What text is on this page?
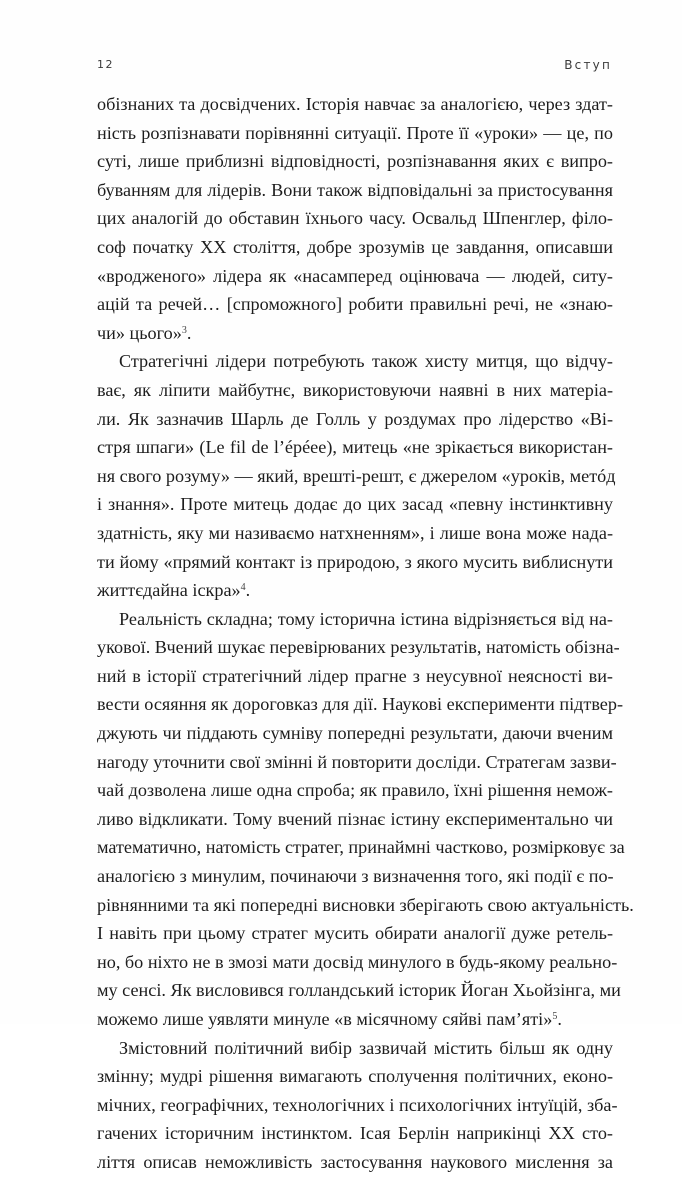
12	Вступ
обізнаних та досвідчених. Історія навчає за аналогією, через здат-
ність розпізнавати порівнянні ситуації. Проте її «уроки» — це, по
суті, лише приблизні відповідності, розпізнавання яких є випро-
буванням для лідерів. Вони також відповідальні за пристосування
цих аналогій до обставин їхнього часу. Освальд Шпенглер, філо-
соф початку XX століття, добре зрозумів це завдання, описавши
«вродженого» лідера як «насамперед оцінювача — людей, ситу-
ацій та речей… [спроможного] робити правильні речі, не «знаю-
чи» цього»$^3$.
Стратегічні лідери потребують також хисту митця, що відчу-
ває, як ліпити майбутнє, використовуючи наявні в них матеріа-
ли. Як зазначив Шарль де Голль у роздумах про лідерство «Ві-
стря шпаги» (Le fil de l’épéee), митець «не зрікається використан-
ня свого розуму» — який, врешті-решт, є джерелом «уроків, метóд
і знання». Проте митець додає до цих засад «певну інстинктивну
здатність, яку ми називаємо натхненням», і лише вона може нада-
ти йому «прямий контакт із природою, з якого мусить виблиснути
життєдайна іскра»$^4$.
Реальність складна; тому історична істина відрізняється від на-
укової. Вчений шукає перевірюваних результатів, натомість обізна-
ний в історії стратегічний лідер прагне з неусувної неясності ви-
вести осяяння як дороговказ для дії. Наукові експерименти підтвер-
джують чи піддають сумніву попередні результати, даючи вченим
нагоду уточнити свої змінні й повторити досліди. Стратегам зазви-
чай дозволена лише одна спроба; як правило, їхні рішення немож-
ливо відкликати. Тому вчений пізнає істину експериментально чи
математично, натомість стратег, принаймні частково, розмірковує за
аналогією з минулим, починаючи з визначення того, які події є по-
рівнянними та які попередні висновки зберігають свою актуальність.
І навіть при цьому стратег мусить обирати аналогії дуже ретель-
но, бо ніхто не в змозі мати досвід минулого в будь-якому реально-
му сенсі. Як висловився голландський історик Йоган Хьойзінга, ми
можемо лише уявляти минуле «в місячному сяйві пам’яті»$^5$.
Змістовний політичний вибір зазвичай містить більш як одну
змінну; мудрі рішення вимагають сполучення політичних, еконо-
мічних, географічних, технологічних і психологічних інтуїцій, зба-
гачених історичним інстинктом. Ісая Берлін наприкінці XX сто-
ліття описав неможливість застосування наукового мислення за
